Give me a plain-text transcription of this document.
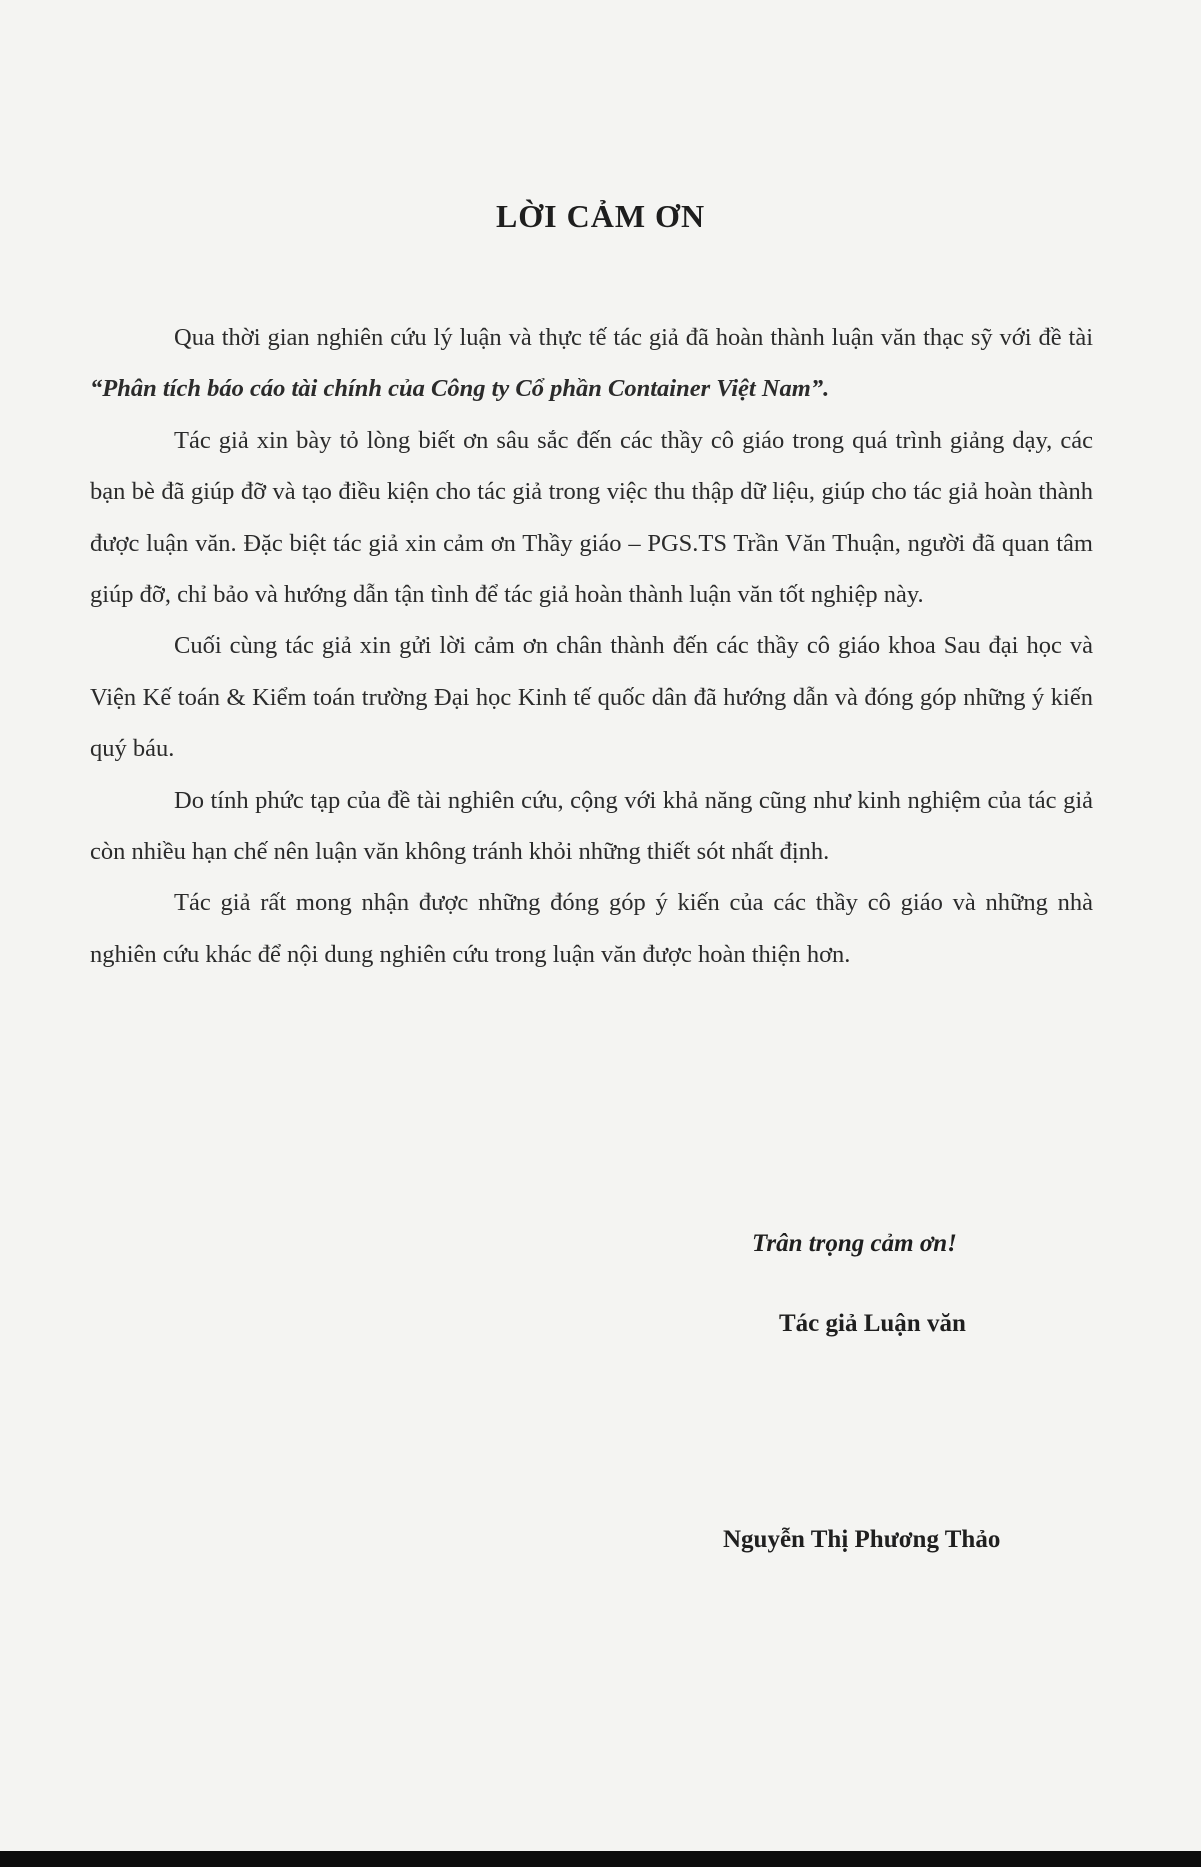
LỜI CẢM ƠN

Qua thời gian nghiên cứu lý luận và thực tế tác giả đã hoàn thành luận văn thạc sỹ với đề tài “Phân tích báo cáo tài chính của Công ty Cổ phần Container Việt Nam”.

Tác giả xin bày tỏ lòng biết ơn sâu sắc đến các thầy cô giáo trong quá trình giảng dạy, các bạn bè đã giúp đỡ và tạo điều kiện cho tác giả trong việc thu thập dữ liệu, giúp cho tác giả hoàn thành được luận văn. Đặc biệt tác giả xin cảm ơn Thầy giáo – PGS.TS Trần Văn Thuận, người đã quan tâm giúp đỡ, chỉ bảo và hướng dẫn tận tình để tác giả hoàn thành luận văn tốt nghiệp này.

Cuối cùng tác giả xin gửi lời cảm ơn chân thành đến các thầy cô giáo khoa Sau đại học và Viện Kế toán & Kiểm toán trường Đại học Kinh tế quốc dân đã hướng dẫn và đóng góp những ý kiến quý báu.

Do tính phức tạp của đề tài nghiên cứu, cộng với khả năng cũng như kinh nghiệm của tác giả còn nhiều hạn chế nên luận văn không tránh khỏi những thiết sót nhất định.

Tác giả rất mong nhận được những đóng góp ý kiến của các thầy cô giáo và những nhà nghiên cứu khác để nội dung nghiên cứu trong luận văn được hoàn thiện hơn.

Trân trọng cảm ơn!
Tác giả Luận văn
Nguyễn Thị Phương Thảo
